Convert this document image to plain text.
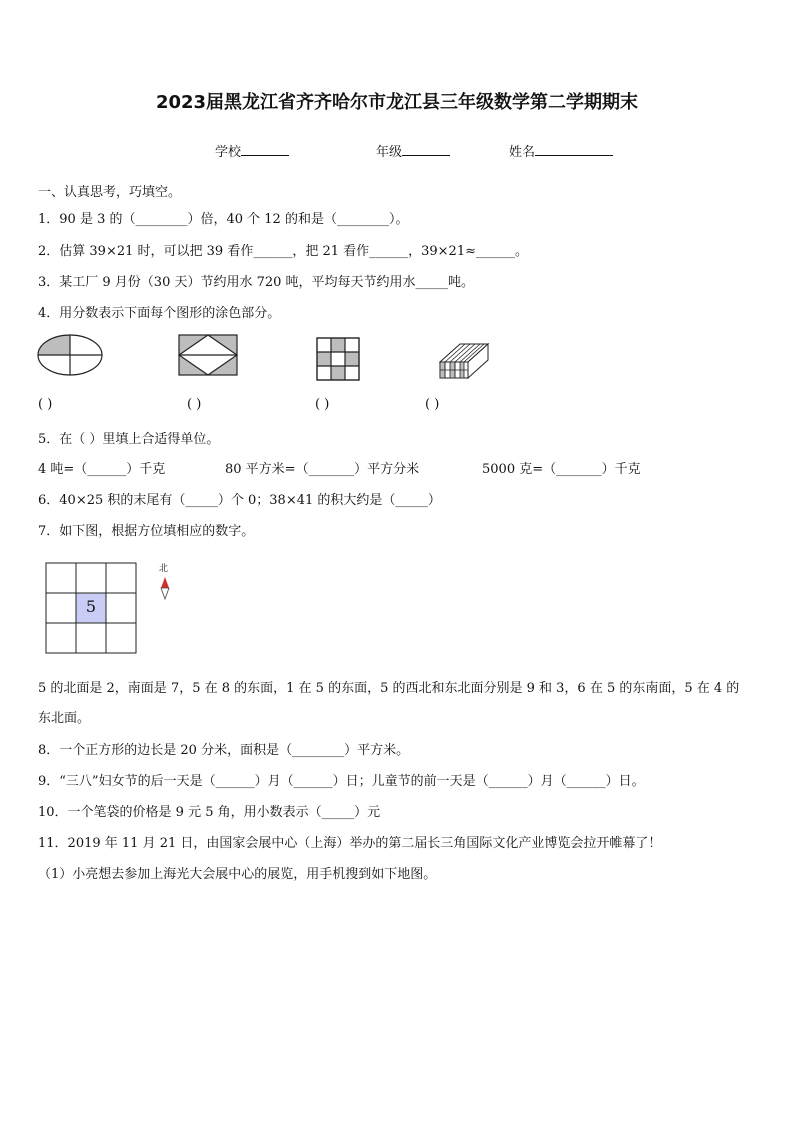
2023届黑龙江省齐齐哈尔市龙江县三年级数学第二学期期末
学校	年级	姓名
一、认真思考，巧填空。
1．90 是 3 的（________）倍，40 个 12 的和是（________）。
2．估算 39×21 时，可以把 39 看作______，把 21 看作______，39×21≈______。
3．某工厂 9 月份（30 天）节约用水 720 吨，平均每天节约用水_____吨。
4．用分数表示下面每个图形的涂色部分。
( )	( )	( )	( )
5．在（ ）里填上合适得单位。
4 吨=（______）千克	80 平方米=（_______）平方分米	5000 克=（_______）千克
6．40×25 积的末尾有（_____）个 0；38×41 的积大约是（_____）
7．如下图，根据方位填相应的数字。
5
北
5 的北面是 2，南面是 7，5 在 8 的东面，1 在 5 的东面，5 的西北和东北面分别是 9 和 3，6 在 5 的东南面，5 在 4 的
东北面。
8．一个正方形的边长是 20 分米，面积是（________）平方米。
9．“三八”妇女节的后一天是（______）月（______）日；儿童节的前一天是（______）月（______）日。
10．一个笔袋的价格是 9 元 5 角，用小数表示（_____）元
11．2019 年 11 月 21 日，由国家会展中心（上海）举办的第二届长三角国际文化产业博览会拉开帷幕了！
（1）小亮想去参加上海光大会展中心的展览，用手机搜到如下地图。
